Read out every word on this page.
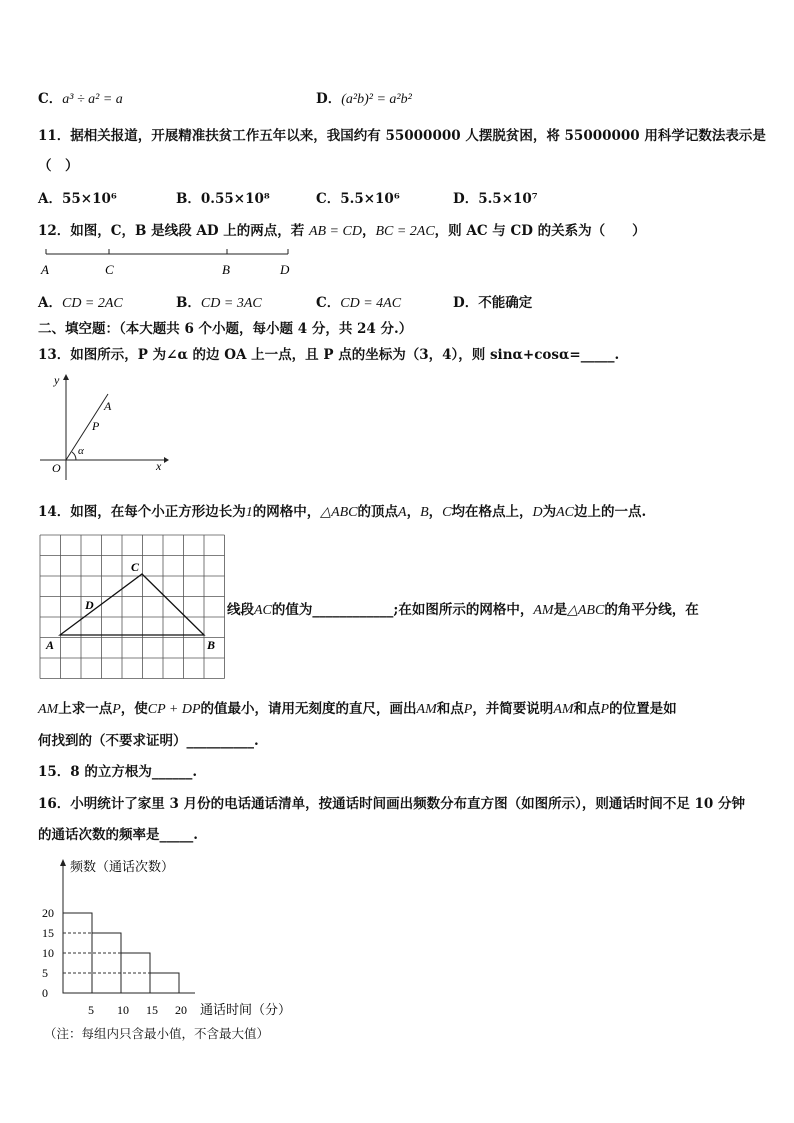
C．a³ ÷ a² = a	D．(a²b)² = a²b²
11．据相关报道，开展精准扶贫工作五年以来，我国约有 55000000 人摆脱贫困，将 55000000 用科学记数法表示是
（　）
A．55×10⁶	B．0.55×10⁸	C．5.5×10⁶	D．5.5×10⁷
12．如图，C，B 是线段 AD 上的两点，若 AB = CD，BC = 2AC，则 AC 与 CD 的关系为（　　）
A	C	B	D
A．CD = 2AC	B．CD = 3AC	C．CD = 4AC	D．不能确定
二、填空题：（本大题共 6 个小题，每小题 4 分，共 24 分.）
13．如图所示，P 为∠α 的边 OA 上一点，且 P 点的坐标为（3，4），则 sinα+cosα=_____.
y
x
O
A
P
α
14．如图，在每个小正方形边长为1的网格中，△ABC的顶点A，B，C均在格点上，D为AC边上的一点.
A	B
C
D	线段AC的值为____________;在如图所示的网格中，AM是△ABC的角平分线，在
AM上求一点P，使CP + DP的值最小，请用无刻度的直尺，画出AM和点P，并简要说明AM和点P的位置是如
何找到的（不要求证明）__________.
15．8 的立方根为______.
16．小明统计了家里 3 月份的电话通话清单，按通话时间画出频数分布直方图（如图所示），则通话时间不足 10 分钟
的通话次数的频率是_____.
频数（通话次数）
通话时间（分）
0
5
10
15
20
5 10 15 20
（注：每组内只含最小值，不含最大值）
